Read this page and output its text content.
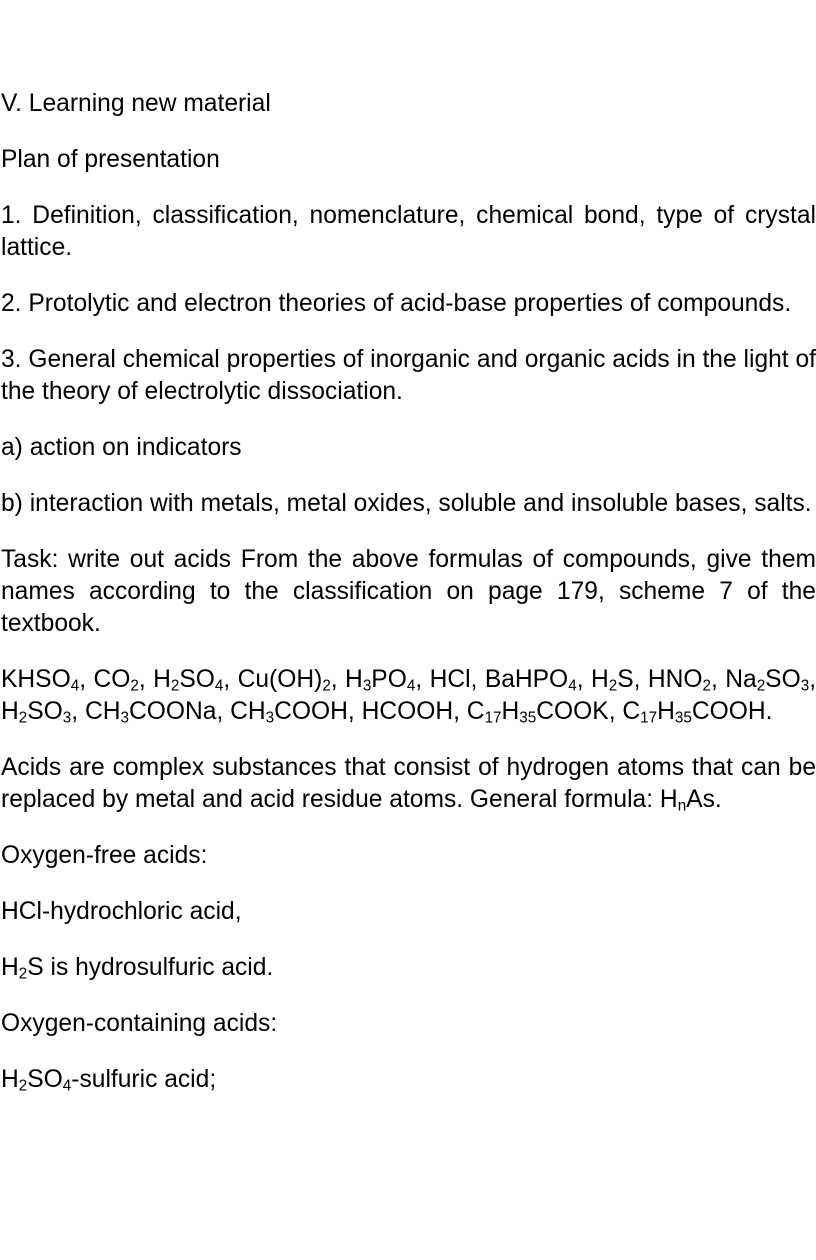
V. Learning new material

Plan of presentation

1. Definition, classification, nomenclature, chemical bond, type of crystal lattice.

2. Protolytic and electron theories of acid-base properties of compounds.

3. General chemical properties of inorganic and organic acids in the light of the theory of electrolytic dissociation.

a) action on indicators

b) interaction with metals, metal oxides, soluble and insoluble bases, salts.

Task: write out acids From the above formulas of compounds, give them names according to the classification on page 179, scheme 7 of the textbook.

$KHSO_4$, $CO_2$, $H_2SO_4$, $Cu(OH)_2$, $H_3PO_4$, HCl, BaHPO$_4$, $H_2S$, $HNO_2$, $Na_2SO_3$, $H_2SO_3$, $CH_3COONa$, $CH_3COOH$, HCOOH, $C_{17}H_{35}COOK$, $C_{17}H_{35}COOH$.

Acids are complex substances that consist of hydrogen atoms that can be replaced by metal and acid residue atoms. General formula: $H_nAs$.

Oxygen-free acids:

HCl-hydrochloric acid,

$H_2S$ is hydrosulfuric acid.

Oxygen-containing acids:

$H_2SO_4$-sulfuric acid;
